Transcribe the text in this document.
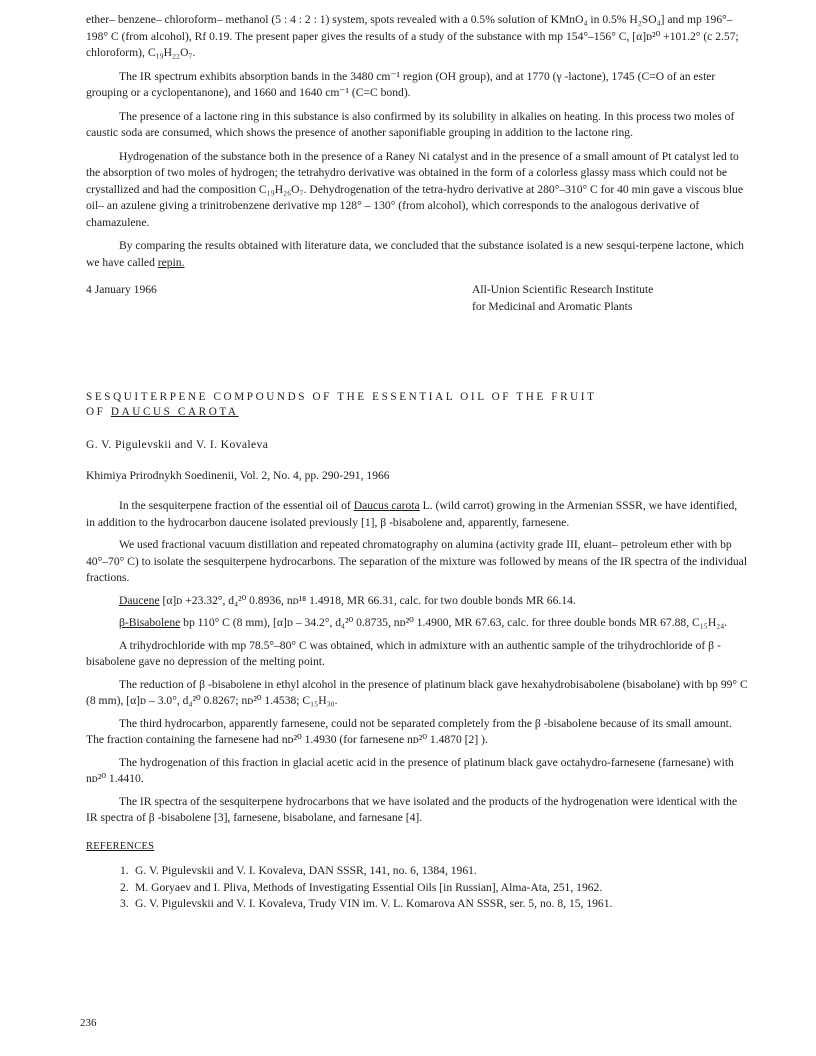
ether– benzene– chloroform– methanol (5 : 4 : 2 : 1) system, spots revealed with a 0.5% solution of KMnO₄ in 0.5% H₂SO₄] and mp 196°–198° C (from alcohol), Rf 0.19. The present paper gives the results of a study of the substance with mp 154°–156° C, [α]ᴅ²⁰ +101.2° (c 2.57; chloroform), C₁₉H₂₂O₇.

The IR spectrum exhibits absorption bands in the 3480 cm⁻¹ region (OH group), and at 1770 (γ -lactone), 1745 (C=O of an ester grouping or a cyclopentanone), and 1660 and 1640 cm⁻¹ (C=C bond).

The presence of a lactone ring in this substance is also confirmed by its solubility in alkalies on heating. In this process two moles of caustic soda are consumed, which shows the presence of another saponifiable grouping in addition to the lactone ring.

Hydrogenation of the substance both in the presence of a Raney Ni catalyst and in the presence of a small amount of Pt catalyst led to the absorption of two moles of hydrogen; the tetrahydro derivative was obtained in the form of a colorless glassy mass which could not be crystallized and had the composition C₁₉H₂₆O₇. Dehydrogenation of the tetra-hydro derivative at 280°–310° C for 40 min gave a viscous blue oil– an azulene giving a trinitrobenzene derivative mp 128° – 130° (from alcohol), which corresponds to the analogous derivative of chamazulene.

By comparing the results obtained with literature data, we concluded that the substance isolated is a new sesqui-terpene lactone, which we have called repin.

4 January 1966	All-Union Scientific Research Institute
for Medicinal and Aromatic Plants
SESQUITERPENE COMPOUNDS OF THE ESSENTIAL OIL OF THE FRUIT
OF DAUCUS CAROTA

G. V. Pigulevskii and V. I. Kovaleva

Khimiya Prirodnykh Soedinenii, Vol. 2, No. 4, pp. 290-291, 1966

In the sesquiterpene fraction of the essential oil of Daucus carota L. (wild carrot) growing in the Armenian SSSR, we have identified, in addition to the hydrocarbon daucene isolated previously [1], β -bisabolene and, apparently, farnesene.

We used fractional vacuum distillation and repeated chromatography on alumina (activity grade III, eluant– petroleum ether with bp 40°–70° C) to isolate the sesquiterpene hydrocarbons. The separation of the mixture was followed by means of the IR spectra of the individual fractions.

Daucene [α]ᴅ +23.32°, d₄²⁰ 0.8936, nᴅ¹⁸ 1.4918, MR 66.31, calc. for two double bonds MR 66.14.

β-Bisabolene bp 110° C (8 mm), [α]ᴅ – 34.2°, d₄²⁰ 0.8735, nᴅ²⁰ 1.4900, MR 67.63, calc. for three double bonds MR 67.88, C₁₅H₂₄.

A trihydrochloride with mp 78.5°–80° C was obtained, which in admixture with an authentic sample of the trihydrochloride of β -bisabolene gave no depression of the melting point.

The reduction of β -bisabolene in ethyl alcohol in the presence of platinum black gave hexahydrobisabolene (bisabolane) with bp 99° C (8 mm), [α]ᴅ – 3.0°, d₄²⁰ 0.8267; nᴅ²⁰ 1.4538; C₁₅H₃₀.

The third hydrocarbon, apparently farnesene, could not be separated completely from the β -bisabolene because of its small amount. The fraction containing the farnesene had nᴅ²⁰ 1.4930 (for farnesene nᴅ²⁰ 1.4870 [2] ).

The hydrogenation of this fraction in glacial acetic acid in the presence of platinum black gave octahydro-farnesene (farnesane) with nᴅ²⁰ 1.4410.

The IR spectra of the sesquiterpene hydrocarbons that we have isolated and the products of the hydrogenation were identical with the IR spectra of β -bisabolene [3], farnesene, bisabolane, and farnesane [4].

REFERENCES

1. G. V. Pigulevskii and V. I. Kovaleva, DAN SSSR, 141, no. 6, 1384, 1961.
2. M. Goryaev and I. Pliva, Methods of Investigating Essential Oils [in Russian], Alma-Ata, 251, 1962.
3. G. V. Pigulevskii and V. I. Kovaleva, Trudy VIN im. V. L. Komarova AN SSSR, ser. 5, no. 8, 15, 1961.
236
